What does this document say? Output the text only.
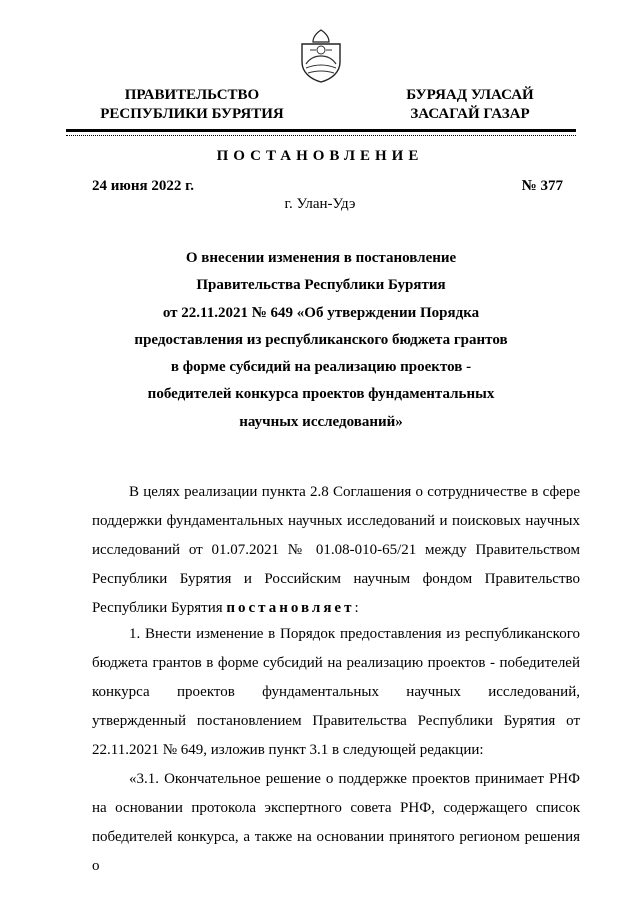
ПРАВИТЕЛЬСТВО
РЕСПУБЛИКИ БУРЯТИЯ
БУРЯАД УЛАСАЙ
ЗАСАГАЙ ГАЗАР
ПОСТАНОВЛЕНИЕ
24 июня 2022 г.	№ 377
г. Улан-Удэ
О внесении изменения в постановление
Правительства Республики Бурятия
от 22.11.2021 № 649 «Об утверждении Порядка
предоставления из республиканского бюджета грантов
в форме субсидий на реализацию проектов -
победителей конкурса проектов фундаментальных
научных исследований»

В целях реализации пункта 2.8 Соглашения о сотрудничестве в сфере поддержки фундаментальных научных исследований и поисковых научных исследований от 01.07.2021 № 01.08-010-65/21 между Правительством Республики Бурятия и Российским научным фондом Правительство Республики Бурятия постановляет:

1. Внести изменение в Порядок предоставления из республиканского бюджета грантов в форме субсидий на реализацию проектов - победителей конкурса проектов фундаментальных научных исследований, утвержденный постановлением Правительства Республики Бурятия от 22.11.2021 № 649, изложив пункт 3.1 в следующей редакции:

«3.1. Окончательное решение о поддержке проектов принимает РНФ на основании протокола экспертного совета РНФ, содержащего список победителей конкурса, а также на основании принятого регионом решения о
